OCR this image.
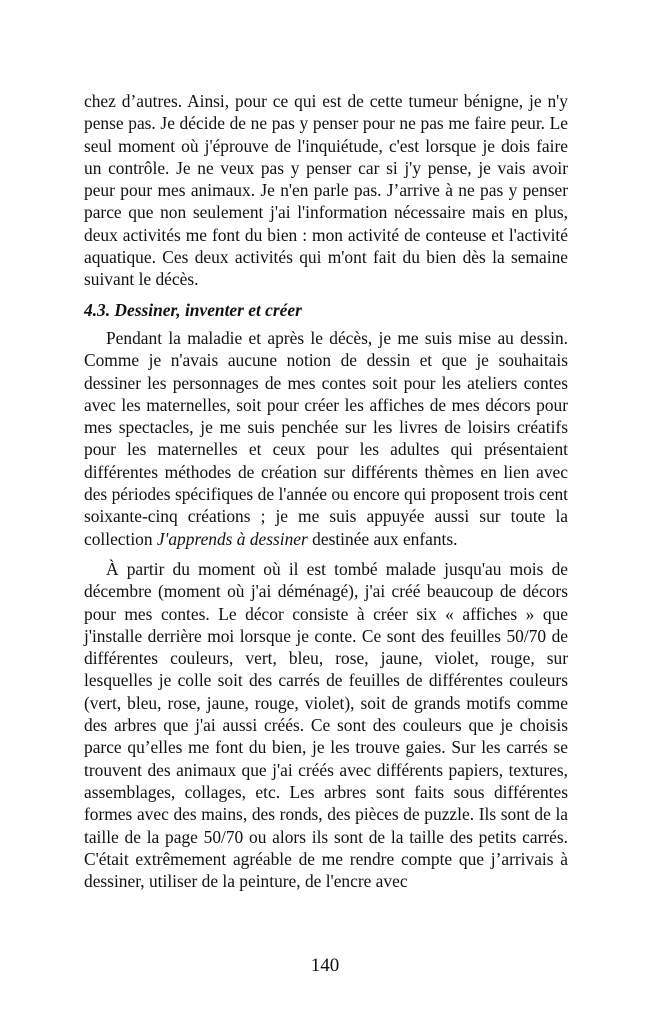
chez d’autres. Ainsi, pour ce qui est de cette tumeur bénigne, je n'y pense pas. Je décide de ne pas y penser pour ne pas me faire peur. Le seul moment où j'éprouve de l'inquiétude, c'est lorsque je dois faire un contrôle. Je ne veux pas y penser car si j'y pense, je vais avoir peur pour mes animaux. Je n'en parle pas. J’arrive à ne pas y penser parce que non seulement j'ai l'information nécessaire mais en plus, deux activités me font du bien : mon activité de conteuse et l'activité aquatique. Ces deux activités qui m'ont fait du bien dès la semaine suivant le décès.

4.3. Dessiner, inventer et créer

Pendant la maladie et après le décès, je me suis mise au dessin. Comme je n'avais aucune notion de dessin et que je souhaitais dessiner les personnages de mes contes soit pour les ateliers contes avec les maternelles, soit pour créer les affiches de mes décors pour mes spectacles, je me suis penchée sur les livres de loisirs créatifs pour les maternelles et ceux pour les adultes qui présentaient différentes méthodes de création sur différents thèmes en lien avec des périodes spécifiques de l'année ou encore qui proposent trois cent soixante-cinq créations ; je me suis appuyée aussi sur toute la collection J'apprends à dessiner destinée aux enfants.

À partir du moment où il est tombé malade jusqu'au mois de décembre (moment où j'ai déménagé), j'ai créé beaucoup de décors pour mes contes. Le décor consiste à créer six « affiches » que j'installe derrière moi lorsque je conte. Ce sont des feuilles 50/70 de différentes couleurs, vert, bleu, rose, jaune, violet, rouge, sur lesquelles je colle soit des carrés de feuilles de différentes couleurs (vert, bleu, rose, jaune, rouge, violet), soit de grands motifs comme des arbres que j'ai aussi créés. Ce sont des couleurs que je choisis parce qu’elles me font du bien, je les trouve gaies. Sur les carrés se trouvent des animaux que j'ai créés avec différents papiers, textures, assemblages, collages, etc. Les arbres sont faits sous différentes formes avec des mains, des ronds, des pièces de puzzle. Ils sont de la taille de la page 50/70 ou alors ils sont de la taille des petits carrés. C'était extrêmement agréable de me rendre compte que j’arrivais à dessiner, utiliser de la peinture, de l'encre avec

140
